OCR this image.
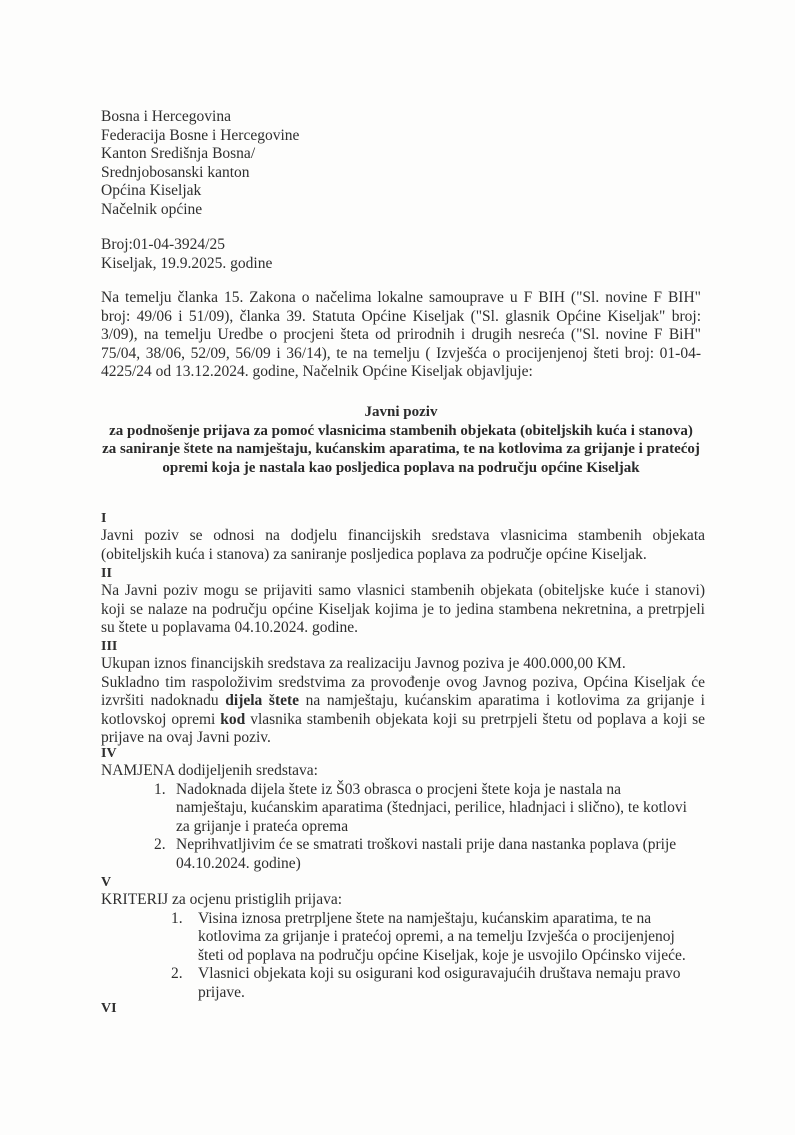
Bosna i Hercegovina
Federacija Bosne i Hercegovine
Kanton Središnja Bosna/
Srednjobosanski kanton
Općina Kiseljak
Načelnik općine
Broj:01-04-3924/25
Kiseljak, 19.9.2025. godine
Na temelju članka 15. Zakona o načelima lokalne samouprave u F BIH ("Sl. novine F BIH" broj: 49/06 i 51/09), članka 39. Statuta Općine Kiseljak ("Sl. glasnik Općine Kiseljak" broj: 3/09), na temelju Uredbe o procjeni šteta od prirodnih i drugih nesreća ("Sl. novine F BiH" 75/04, 38/06, 52/09, 56/09 i 36/14), te na temelju ( Izvješća o procijenjenoj šteti broj: 01-04-4225/24 od 13.12.2024. godine, Načelnik Općine Kiseljak objavljuje:
Javni poziv
za podnošenje prijava za pomoć vlasnicima stambenih objekata (obiteljskih kuća i stanova) za saniranje štete na namještaju, kućanskim aparatima, te na kotlovima za grijanje i pratećoj opremi koja je nastala kao posljedica poplava na području općine Kiseljak
I
Javni poziv se odnosi na dodjelu financijskih sredstava vlasnicima stambenih objekata (obiteljskih kuća i stanova) za saniranje posljedica poplava za područje općine Kiseljak.
II
Na Javni poziv mogu se prijaviti samo vlasnici stambenih objekata (obiteljske kuće i stanovi) koji se nalaze na području općine Kiseljak kojima je to jedina stambena nekretnina, a pretrpjeli su štete u poplavama 04.10.2024. godine.
III
Ukupan iznos financijskih sredstava za realizaciju Javnog poziva je 400.000,00 KM.
Sukladno tim raspoloživim sredstvima za provođenje ovog Javnog poziva, Općina Kiseljak će izvršiti nadoknadu dijela štete na namještaju, kućanskim aparatima i kotlovima za grijanje i kotlovskoj opremi kod vlasnika stambenih objekata koji su pretrpjeli štetu od poplava a koji se prijave na ovaj Javni poziv.
IV
NAMJENA dodijeljenih sredstava:
1. Nadoknada dijela štete iz Š03 obrasca o procjeni štete koja je nastala na namještaju, kućanskim aparatima (štednjaci, perilice, hladnjaci i slično), te kotlovi za grijanje i prateća oprema
2. Neprihvatljivim će se smatrati troškovi nastali prije dana nastanka poplava (prije 04.10.2024. godine)
V
KRITERIJ za ocjenu pristiglih prijava:
1. Visina iznosa pretrpljene štete na namještaju, kućanskim aparatima, te na kotlovima za grijanje i pratećoj opremi, a na temelju Izvješća o procijenjenoj šteti od poplava na području općine Kiseljak, koje je usvojilo Općinsko vijeće.
2. Vlasnici objekata koji su osigurani kod osiguravajućih društava nemaju pravo prijave.
VI
